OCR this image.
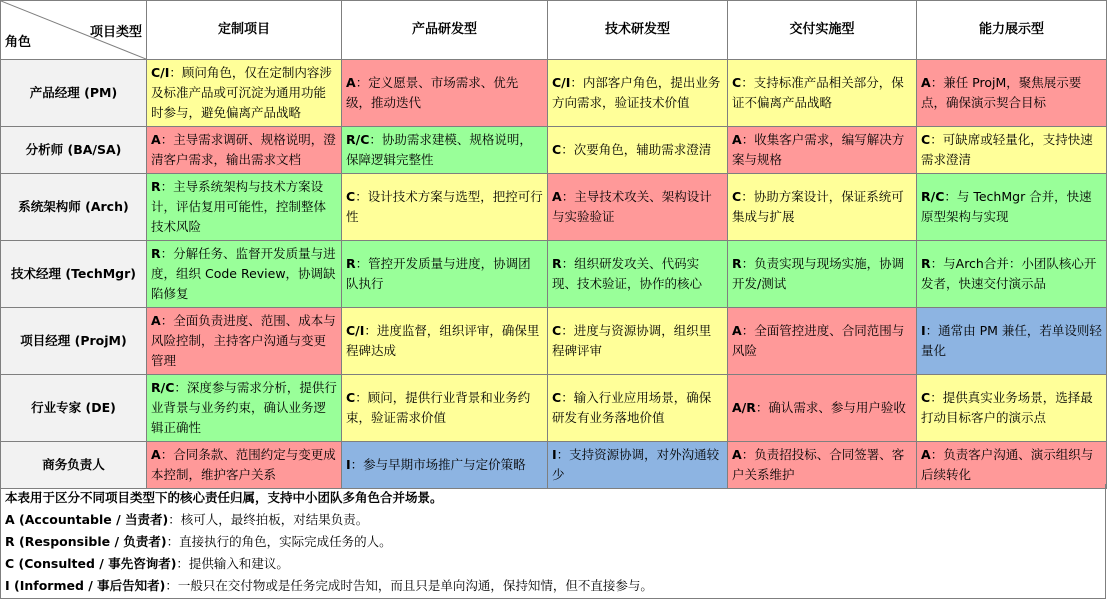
项目类型
角色	定制项目	产品研发型	技术研发型	交付实施型	能力展示型
产品经理 (PM)	C/I：顾问角色，仅在定制内容涉及标准产品或可沉淀为通用功能时参与，避免偏离产品战略	A：定义愿景、市场需求、优先级，推动迭代	C/I：内部客户角色，提出业务方向需求，验证技术价值	C：支持标准产品相关部分，保证不偏离产品战略	A：兼任 ProjM，聚焦展示要点，确保演示契合目标
分析师 (BA/SA)	A：主导需求调研、规格说明，澄清客户需求，输出需求文档	R/C：协助需求建模、规格说明，保障逻辑完整性	C：次要角色，辅助需求澄清	A：收集客户需求，编写解决方案与规格	C：可缺席或轻量化，支持快速需求澄清
系统架构师 (Arch)	R：主导系统架构与技术方案设计，评估复用可能性，控制整体技术风险	C：设计技术方案与选型，把控可行性	A：主导技术攻关、架构设计与实验验证	C：协助方案设计，保证系统可集成与扩展	R/C：与 TechMgr 合并，快速原型架构与实现
技术经理 (TechMgr)	R：分解任务、监督开发质量与进度，组织 Code Review，协调缺陷修复	R：管控开发质量与进度，协调团队执行	R：组织研发攻关、代码实现、技术验证，协作的核心	R：负责实现与现场实施，协调开发/测试	R：与Arch合并：小团队核心开发者，快速交付演示品
项目经理 (ProjM)	A：全面负责进度、范围、成本与风险控制，主持客户沟通与变更管理	C/I：进度监督，组织评审，确保里程碑达成	C：进度与资源协调，组织里程碑评审	A：全面管控进度、合同范围与风险	I：通常由 PM 兼任，若单设则轻量化
行业专家 (DE)	R/C：深度参与需求分析，提供行业背景与业务约束，确认业务逻辑正确性	C：顾问，提供行业背景和业务约束，验证需求价值	C：输入行业应用场景，确保研发有业务落地价值	A/R：确认需求、参与用户验收	C：提供真实业务场景，选择最打动目标客户的演示点
商务负责人	A：合同条款、范围约定与变更成本控制，维护客户关系	I：参与早期市场推广与定价策略	I：支持资源协调，对外沟通较少	A：负责招投标、合同签署、客户关系维护	A：负责客户沟通、演示组织与后续转化
本表用于区分不同项目类型下的核心责任归属，支持中小团队多角色合并场景。
A (Accountable / 当责者)：核可人，最终拍板，对结果负责。
R (Responsible / 负责者)：直接执行的角色，实际完成任务的人。
C (Consulted / 事先咨询者)：提供输入和建议。
I (Informed / 事后告知者)：一般只在交付物或是任务完成时告知，而且只是单向沟通，保持知情，但不直接参与。
